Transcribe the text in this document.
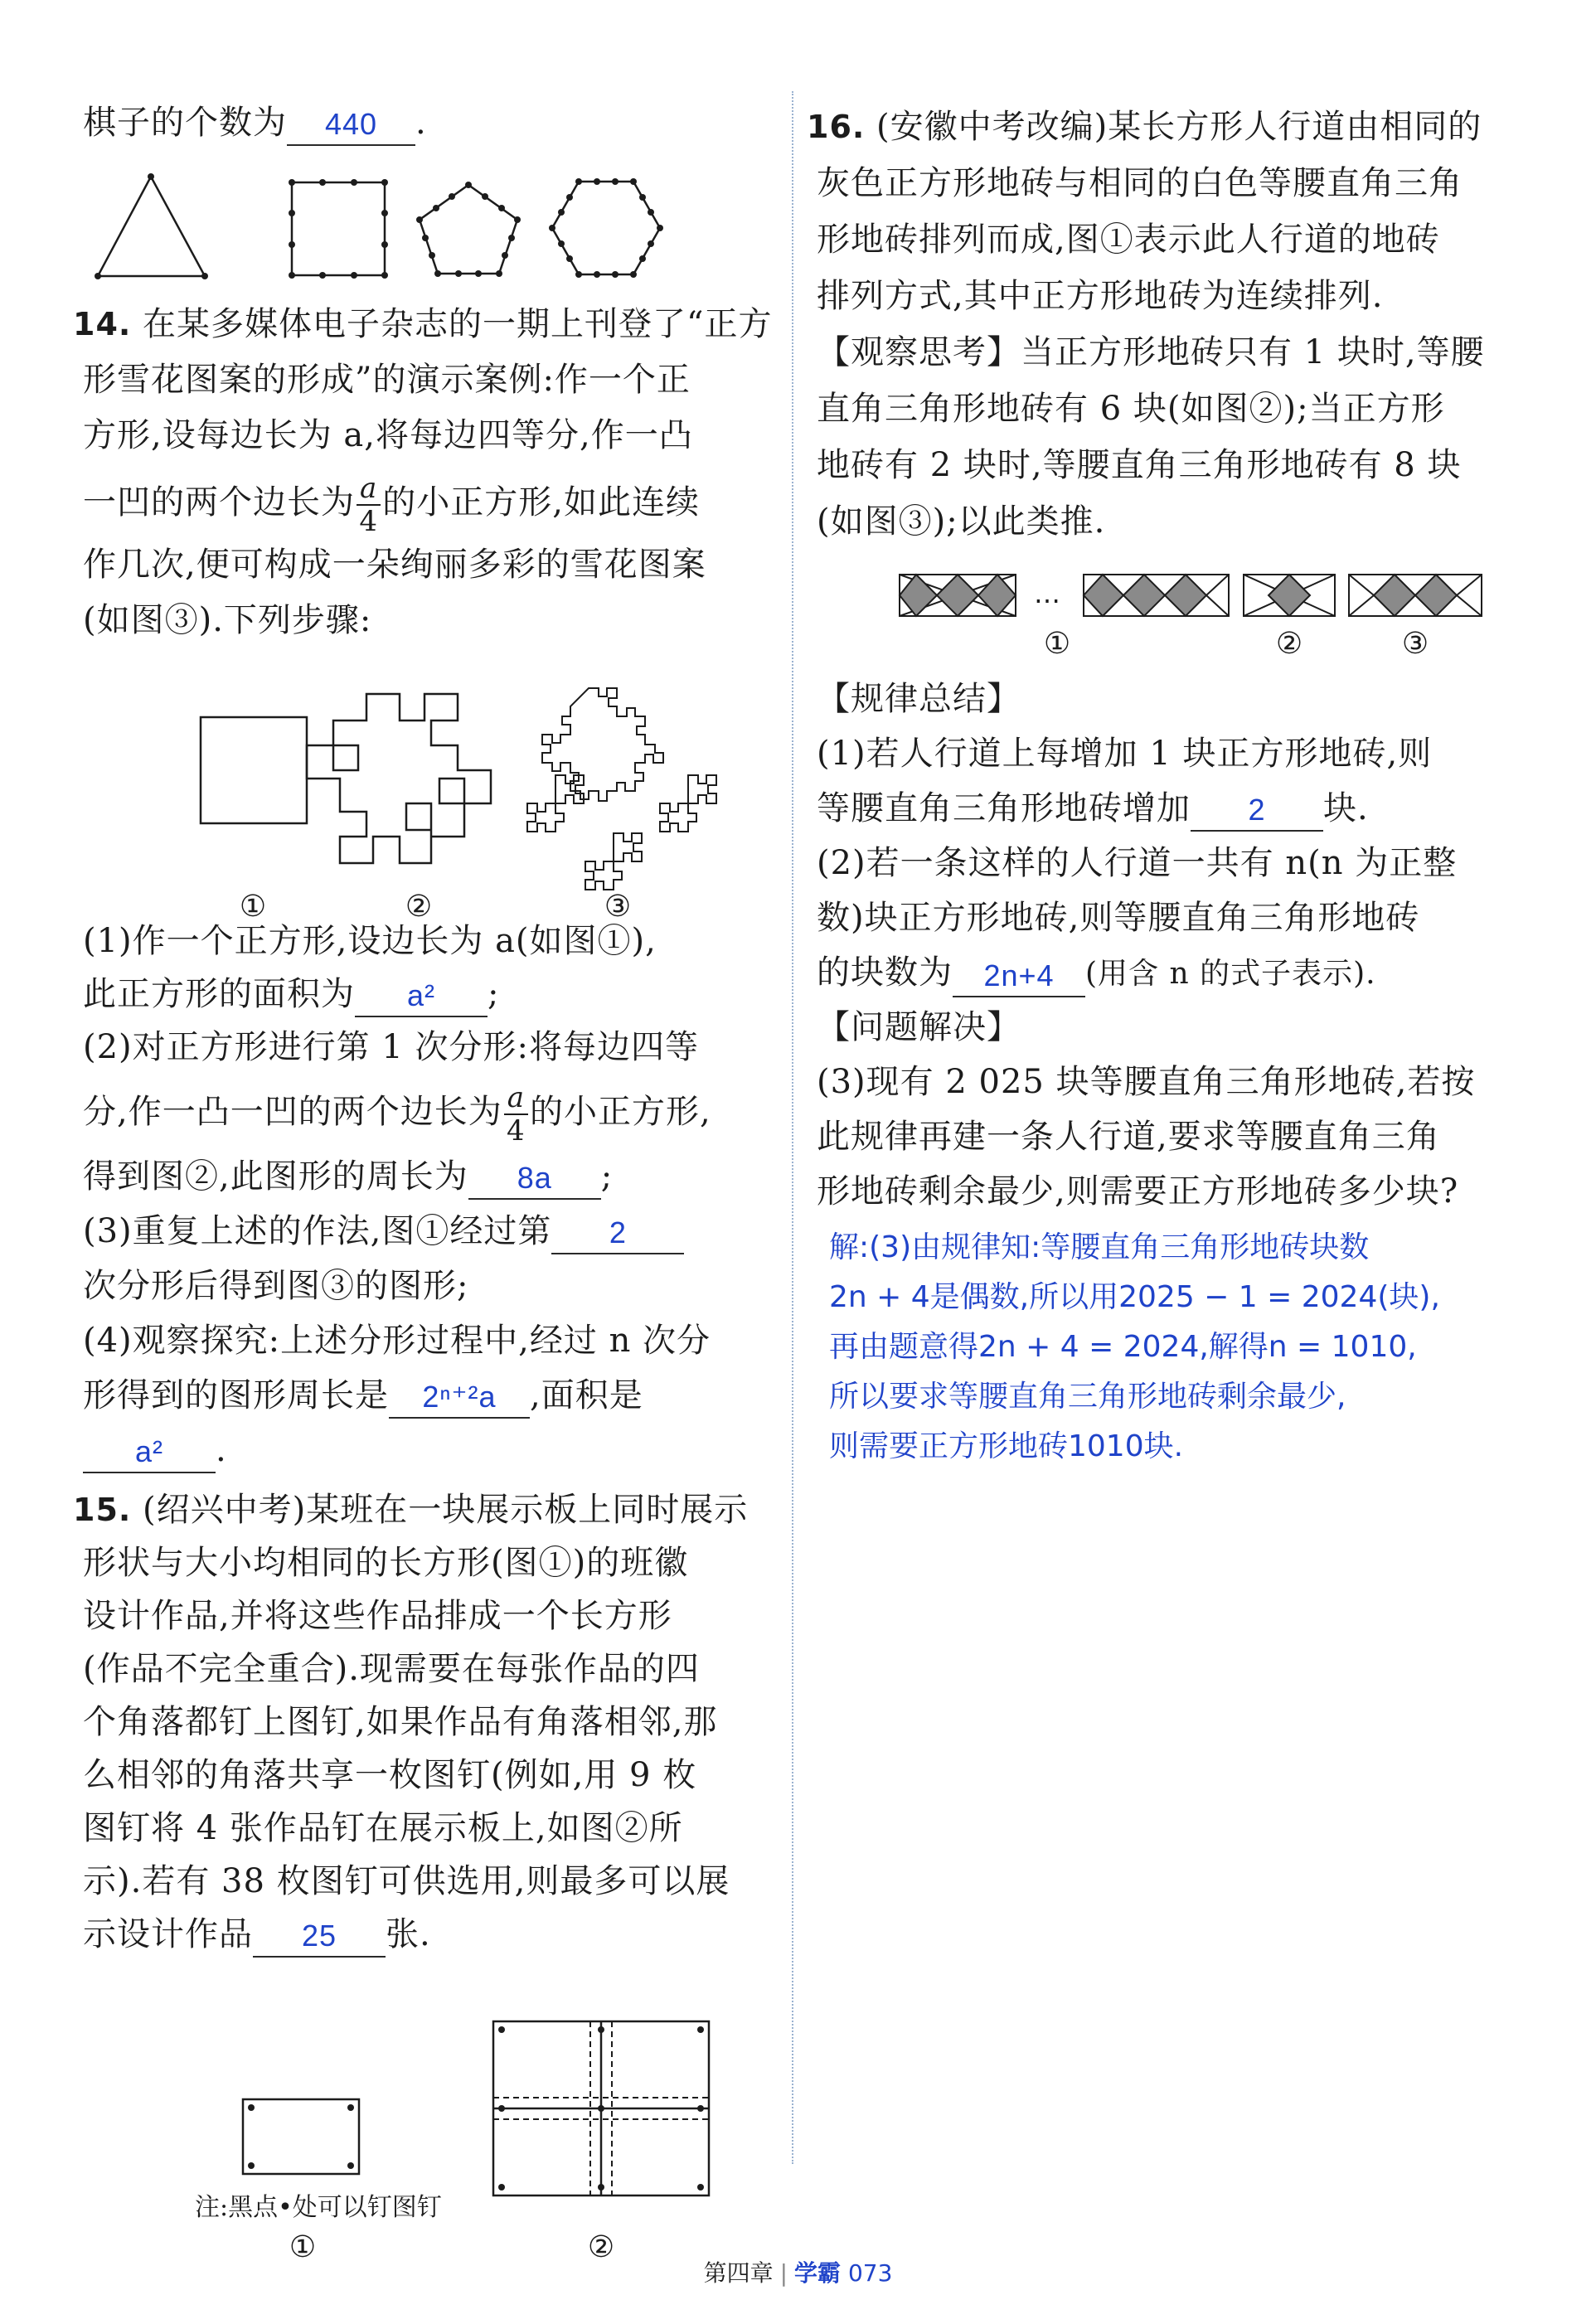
棋子的个数为	440	.
14. 在某多媒体电子杂志的一期上刊登了“正方
形雪花图案的形成”的演示案例:作一个正
方形,设每边长为 a,将每边四等分,作一凸
一凹的两个边长为 $\frac{a}{4}$ 的小正方形,如此连续
作几次,便可构成一朵绚丽多彩的雪花图案
(如图③).下列步骤:
①	②	③
(1)作一个正方形,设边长为 a(如图①),
此正方形的面积为	a²	;
(2)对正方形进行第 1 次分形:将每边四等
分,作一凸一凹的两个边长为 $\frac{a}{4}$ 的小正方形,
得到图②,此图形的周长为	8a	;
(3)重复上述的作法,图①经过第	2
次分形后得到图③的图形;
(4)观察探究:上述分形过程中,经过 n 次分
形得到的图形周长是	2ⁿ⁺²a	,面积是
a²	.
15. (绍兴中考)某班在一块展示板上同时展示
形状与大小均相同的长方形(图①)的班徽
设计作品,并将这些作品排成一个长方形
(作品不完全重合).现需要在每张作品的四
个角落都钉上图钉,如果作品有角落相邻,那
么相邻的角落共享一枚图钉(例如,用 9 枚
图钉将 4 张作品钉在展示板上,如图②所
示).若有 38 枚图钉可供选用,则最多可以展
示设计作品	25	张.
注:黑点•处可以钉图钉
①	②
16. (安徽中考改编)某长方形人行道由相同的
灰色正方形地砖与相同的白色等腰直角三角
形地砖排列而成,图①表示此人行道的地砖
排列方式,其中正方形地砖为连续排列.
【观察思考】当正方形地砖只有 1 块时,等腰
直角三角形地砖有 6 块(如图②);当正方形
地砖有 2 块时,等腰直角三角形地砖有 8 块
(如图③);以此类推.
…
①	②	③
【规律总结】
(1)若人行道上每增加 1 块正方形地砖,则
等腰直角三角形地砖增加	2	块.
(2)若一条这样的人行道一共有 n(n 为正整
数)块正方形地砖,则等腰直角三角形地砖
的块数为	2n+4	(用含 n 的式子表示).
【问题解决】
(3)现有 2 025 块等腰直角三角形地砖,若按
此规律再建一条人行道,要求等腰直角三角
形地砖剩余最少,则需要正方形地砖多少块?
解:(3)由规律知:等腰直角三角形地砖块数
2n + 4是偶数,所以用2025 − 1 = 2024(块),
再由题意得2n + 4 = 2024,解得n = 1010,
所以要求等腰直角三角形地砖剩余最少,
则需要正方形地砖1010块.
第四章 | 学霸 073
